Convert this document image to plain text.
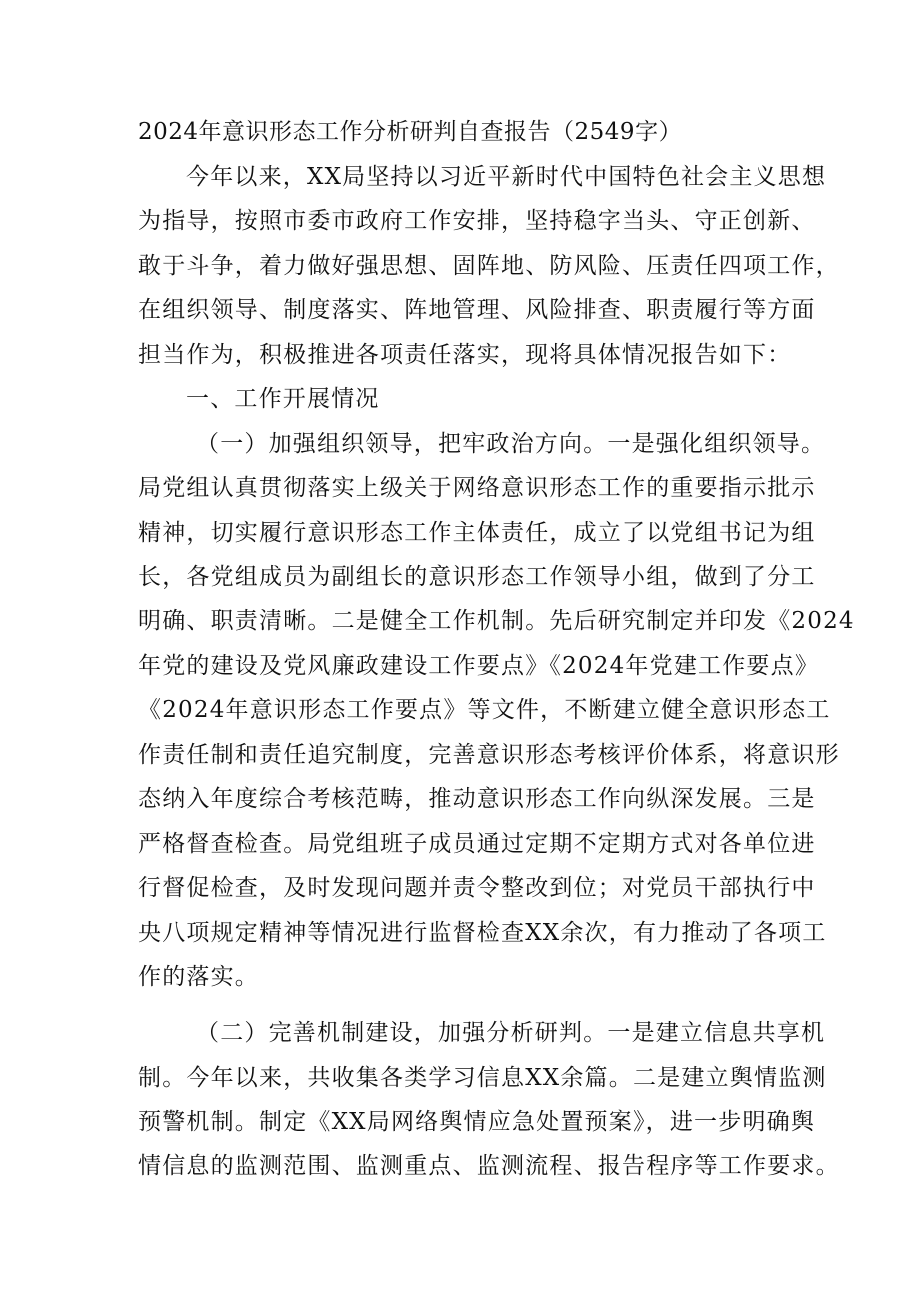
2024年意识形态工作分析研判自查报告（2549字）
今年以来，XX局坚持以习近平新时代中国特色社会主义思想
为指导，按照市委市政府工作安排，坚持稳字当头、守正创新、
敢于斗争，着力做好强思想、固阵地、防风险、压责任四项工作，
在组织领导、制度落实、阵地管理、风险排查、职责履行等方面
担当作为，积极推进各项责任落实，现将具体情况报告如下：
一、工作开展情况
（一）加强组织领导，把牢政治方向。一是强化组织领导。
局党组认真贯彻落实上级关于网络意识形态工作的重要指示批示
精神，切实履行意识形态工作主体责任，成立了以党组书记为组
长，各党组成员为副组长的意识形态工作领导小组，做到了分工
明确、职责清晰。二是健全工作机制。先后研究制定并印发《2024
年党的建设及党风廉政建设工作要点》《2024年党建工作要点》
《2024年意识形态工作要点》等文件，不断建立健全意识形态工
作责任制和责任追究制度，完善意识形态考核评价体系，将意识形
态纳入年度综合考核范畴，推动意识形态工作向纵深发展。三是
严格督查检查。局党组班子成员通过定期不定期方式对各单位进
行督促检查，及时发现问题并责令整改到位；对党员干部执行中
央八项规定精神等情况进行监督检查XX余次，有力推动了各项工
作的落实。
（二）完善机制建设，加强分析研判。一是建立信息共享机
制。今年以来，共收集各类学习信息XX余篇。二是建立舆情监测
预警机制。制定《XX局网络舆情应急处置预案》，进一步明确舆
情信息的监测范围、监测重点、监测流程、报告程序等工作要求。
